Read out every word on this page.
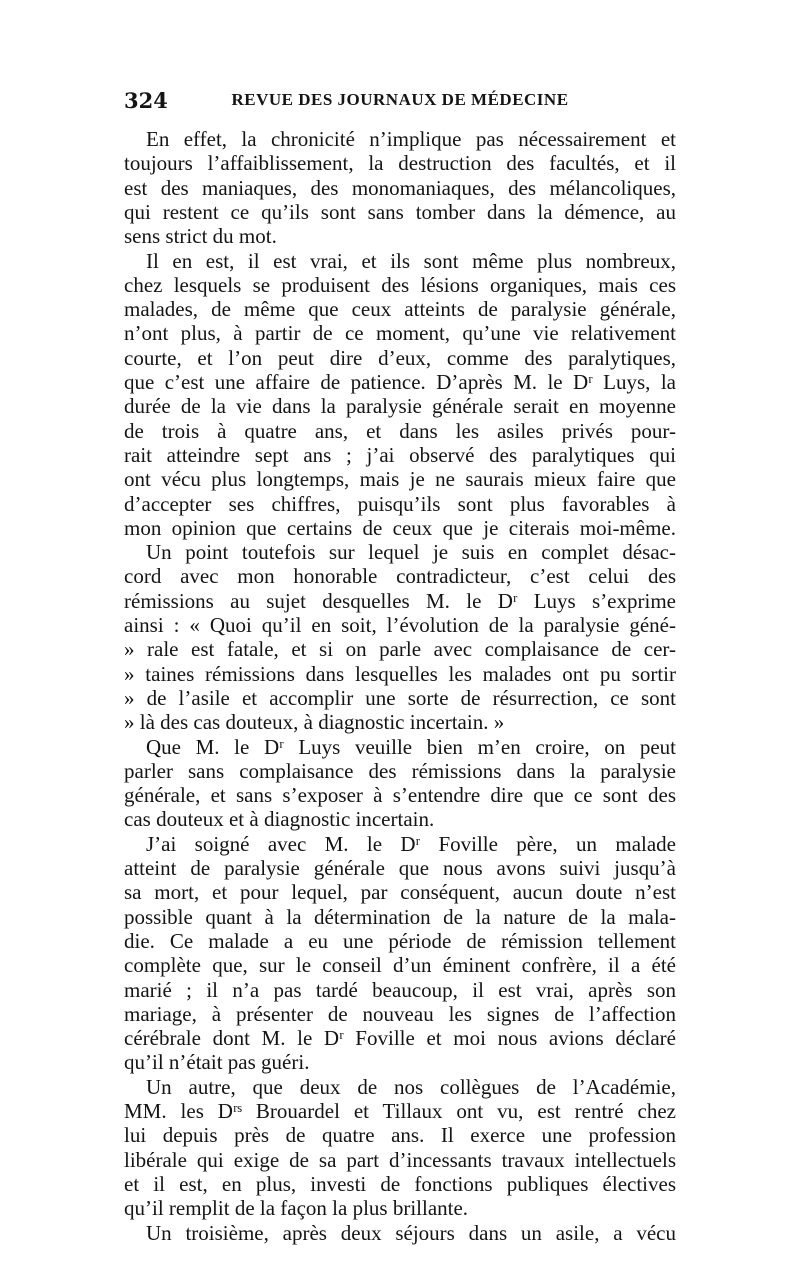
324	REVUE DES JOURNAUX DE MÉDECINE
En effet, la chronicité n’implique pas nécessairement et
toujours l’affaiblissement, la destruction des facultés, et il
est des maniaques, des monomaniaques, des mélancoliques,
qui restent ce qu’ils sont sans tomber dans la démence, au
sens strict du mot.
Il en est, il est vrai, et ils sont même plus nombreux,
chez lesquels se produisent des lésions organiques, mais ces
malades, de même que ceux atteints de paralysie générale,
n’ont plus, à partir de ce moment, qu’une vie relativement
courte, et l’on peut dire d’eux, comme des paralytiques,
que c’est une affaire de patience. D’après M. le Dʳ Luys, la
durée de la vie dans la paralysie générale serait en moyenne
de trois à quatre ans, et dans les asiles privés pour-
rait atteindre sept ans ; j’ai observé des paralytiques qui
ont vécu plus longtemps, mais je ne saurais mieux faire que
d’accepter ses chiffres, puisqu’ils sont plus favorables à
mon opinion que certains de ceux que je citerais moi-même.
Un point toutefois sur lequel je suis en complet désac-
cord avec mon honorable contradicteur, c’est celui des
rémissions au sujet desquelles M. le Dʳ Luys s’exprime
ainsi : « Quoi qu’il en soit, l’évolution de la paralysie géné-
» rale est fatale, et si on parle avec complaisance de cer-
» taines rémissions dans lesquelles les malades ont pu sortir
» de l’asile et accomplir une sorte de résurrection, ce sont
» là des cas douteux, à diagnostic incertain. »
Que M. le Dʳ Luys veuille bien m’en croire, on peut
parler sans complaisance des rémissions dans la paralysie
générale, et sans s’exposer à s’entendre dire que ce sont des
cas douteux et à diagnostic incertain.
J’ai soigné avec M. le Dʳ Foville père, un malade
atteint de paralysie générale que nous avons suivi jusqu’à
sa mort, et pour lequel, par conséquent, aucun doute n’est
possible quant à la détermination de la nature de la mala-
die. Ce malade a eu une période de rémission tellement
complète que, sur le conseil d’un éminent confrère, il a été
marié ; il n’a pas tardé beaucoup, il est vrai, après son
mariage, à présenter de nouveau les signes de l’affection
cérébrale dont M. le Dʳ Foville et moi nous avions déclaré
qu’il n’était pas guéri.
Un autre, que deux de nos collègues de l’Académie,
MM. les Dʳˢ Brouardel et Tillaux ont vu, est rentré chez
lui depuis près de quatre ans. Il exerce une profession
libérale qui exige de sa part d’incessants travaux intellectuels
et il est, en plus, investi de fonctions publiques électives
qu’il remplit de la façon la plus brillante.
Un troisième, après deux séjours dans un asile, a vécu
